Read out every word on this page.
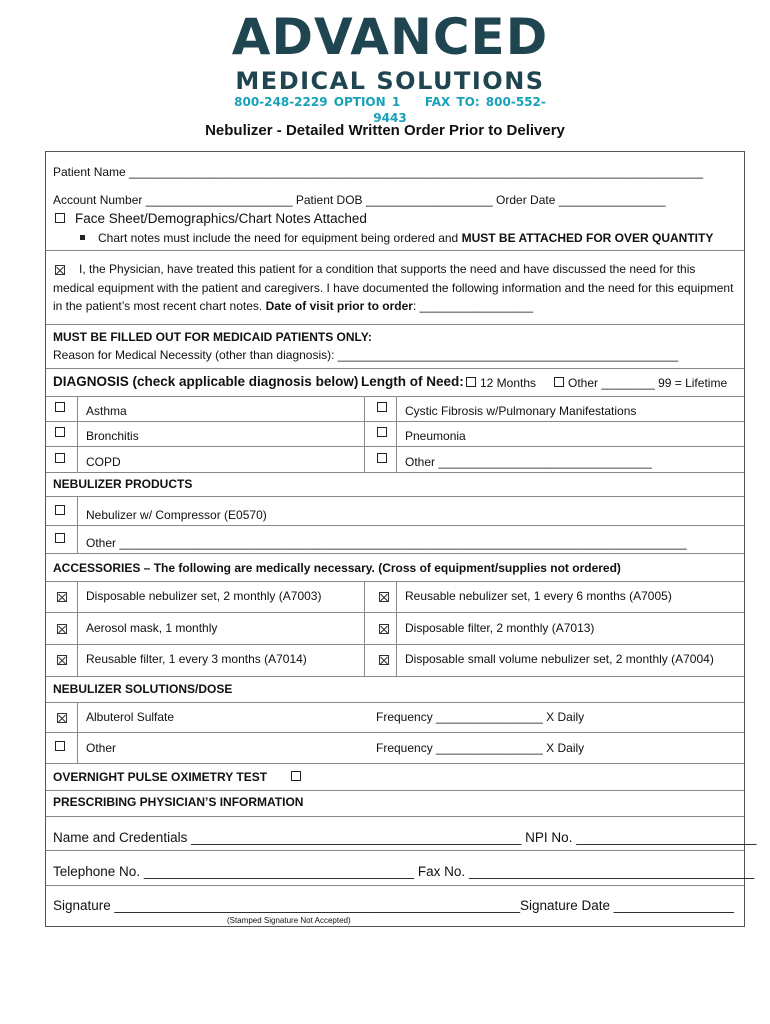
ADVANCED
MEDICAL SOLUTIONS
800-248-2229 OPTION 1 FAX TO: 800-552-9443
Nebulizer - Detailed Written Order Prior to Delivery
Patient Name ______________________________________________________________________________________
Account Number ______________________ Patient DOB ___________________ Order Date ________________
Face Sheet/Demographics/Chart Notes Attached
Chart notes must include the need for equipment being ordered and MUST BE ATTACHED FOR OVER QUANTITY
I, the Physician, have treated this patient for a condition that supports the need and have discussed the need for this medical equipment with the patient and caregivers. I have documented the following information and the need for this equipment in the patient’s most recent chart notes. Date of visit prior to order: _________________
MUST BE FILLED OUT FOR MEDICAID PATIENTS ONLY:
Reason for Medical Necessity (other than diagnosis): ___________________________________________________
DIAGNOSIS (check applicable diagnosis below) Length of Need: 12 Months	Other ________ 99 = Lifetime
Asthma	Cystic Fibrosis w/Pulmonary Manifestations
Bronchitis	Pneumonia
COPD	Other ________________________________
NEBULIZER PRODUCTS
Nebulizer w/ Compressor (E0570)
Other _____________________________________________________________________________________
ACCESSORIES – The following are medically necessary. (Cross of equipment/supplies not ordered)
Disposable nebulizer set, 2 monthly (A7003)	Reusable nebulizer set, 1 every 6 months (A7005)
Aerosol mask, 1 monthly	Disposable filter, 2 monthly (A7013)
Reusable filter, 1 every 3 months (A7014)	Disposable small volume nebulizer set, 2 monthly (A7004)
NEBULIZER SOLUTIONS/DOSE
Albuterol Sulfate	Frequency ________________ X Daily
Other	Frequency ________________ X Daily
OVERNIGHT PULSE OXIMETRY TEST
PRESCRIBING PHYSICIAN’S INFORMATION
Name and Credentials ____________________________________________ NPI No. ________________________
Telephone No. ____________________________________ Fax No. ______________________________________
Signature ______________________________________________________ Signature Date ________________
(Stamped Signature Not Accepted)
